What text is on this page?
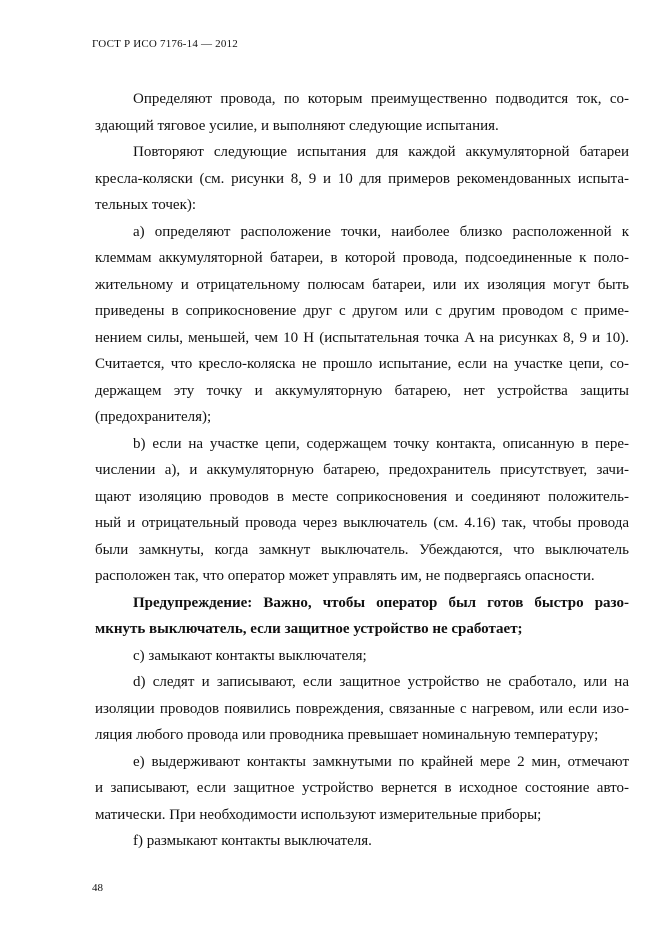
ГОСТ Р ИСО 7176-14 — 2012
Определяют провода, по которым преимущественно подводится ток, со-
здающий тяговое усилие, и выполняют следующие испытания.
Повторяют следующие испытания для каждой аккумуляторной батареи
кресла-коляски (см. рисунки 8, 9 и 10 для примеров рекомендованных испыта-
тельных точек):
а) определяют расположение точки, наиболее близко расположенной к
клеммам аккумуляторной батареи, в которой провода, подсоединенные к поло-
жительному и отрицательному полюсам батареи, или их изоляция могут быть
приведены в соприкосновение друг с другом или с другим проводом с приме-
нением силы, меньшей, чем 10 Н (испытательная точка A на рисунках 8, 9 и 10).
Считается, что кресло-коляска не прошло испытание, если на участке цепи, со-
держащем эту точку и аккумуляторную батарею, нет устройства защиты
(предохранителя);
b) если на участке цепи, содержащем точку контакта, описанную в пере-
числении а), и аккумуляторную батарею, предохранитель присутствует, зачи-
щают изоляцию проводов в месте соприкосновения и соединяют положитель-
ный и отрицательный провода через выключатель (см. 4.16) так, чтобы провода
были замкнуты, когда замкнут выключатель. Убеждаются, что выключатель
расположен так, что оператор может управлять им, не подвергаясь опасности.
Предупреждение: Важно, чтобы оператор был готов быстро разо-
мкнуть выключатель, если защитное устройство не сработает;
с) замыкают контакты выключателя;
d) следят и записывают, если защитное устройство не сработало, или на
изоляции проводов появились повреждения, связанные с нагревом, или если изо-
ляция любого провода или проводника превышает номинальную температуру;
е) выдерживают контакты замкнутыми по крайней мере 2 мин, отмечают
и записывают, если защитное устройство вернется в исходное состояние авто-
матически. При необходимости используют измерительные приборы;
f) размыкают контакты выключателя.
48
